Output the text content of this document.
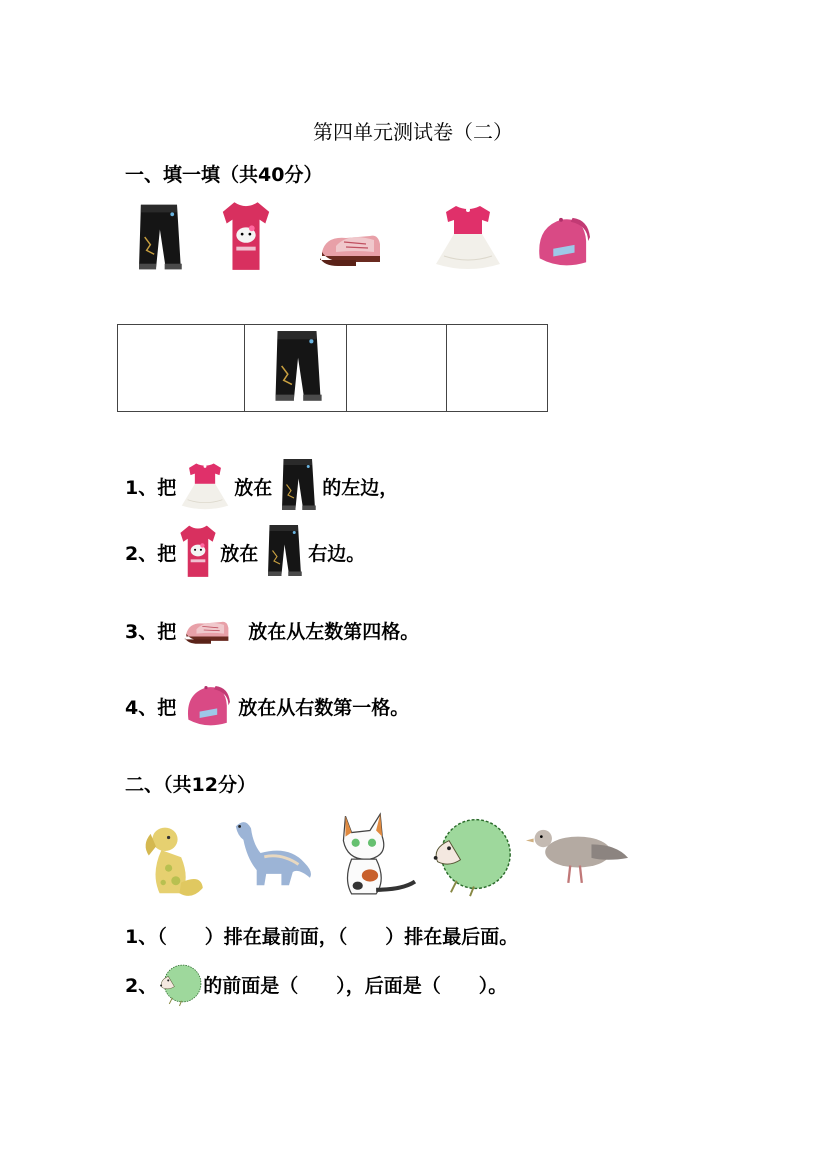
第四单元测试卷（二）
一、填一填（共40分）

1、把	放在	的左边，
2、把 放在	右边。
3、把	放在从左数第四格。
4、把	放在从右数第一格。
二、（共12分）
1、（　　）排在最前面，（　　）排在最后面。
2、 的前面是（　　），后面是（　　）。
